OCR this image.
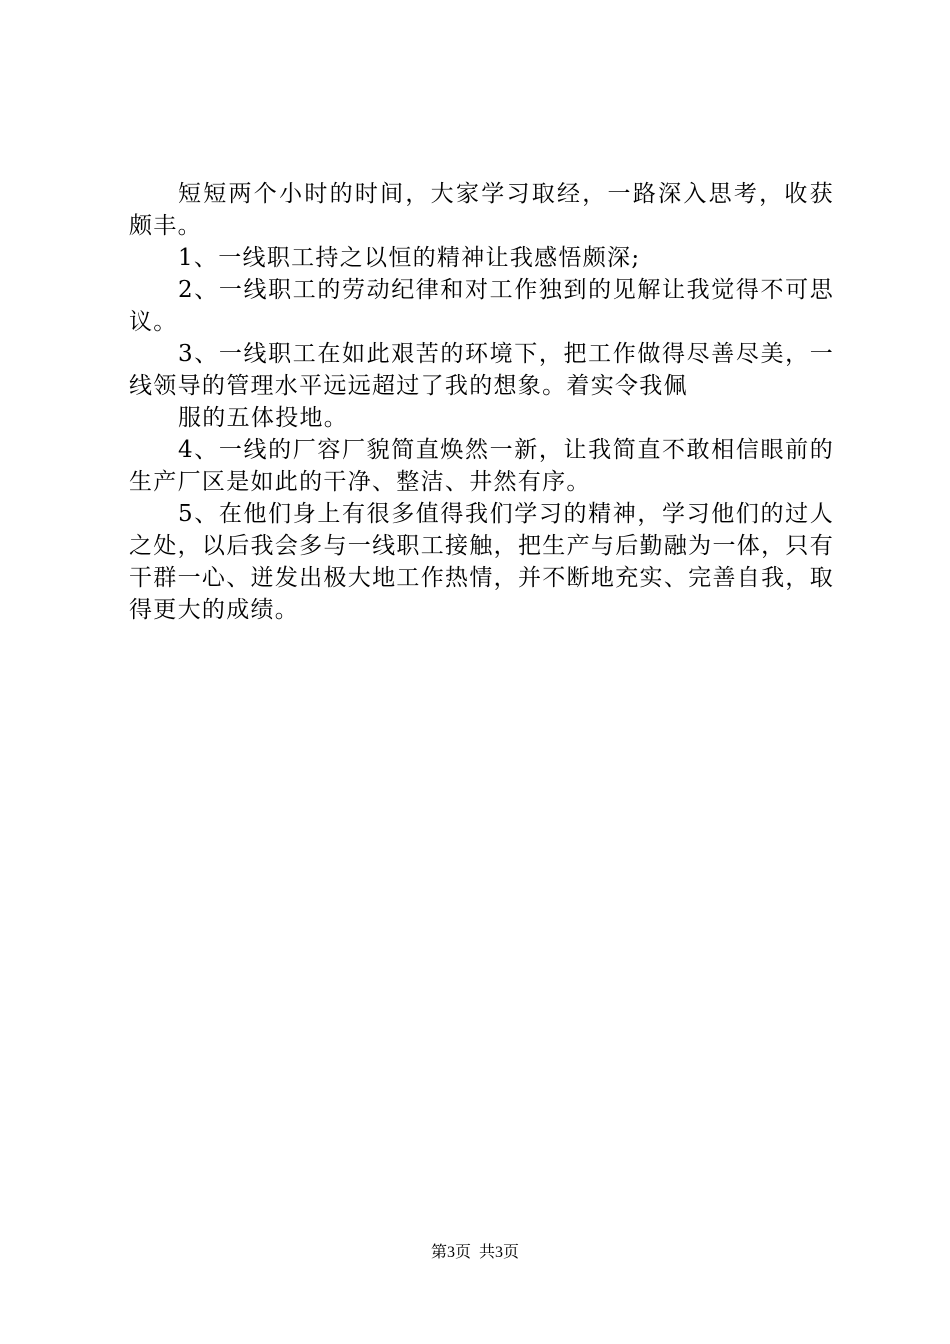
短短两个小时的时间，大家学习取经，一路深入思考，收获颇丰。

1、一线职工持之以恒的精神让我感悟颇深;

2、一线职工的劳动纪律和对工作独到的见解让我觉得不可思议。

3、一线职工在如此艰苦的环境下，把工作做得尽善尽美，一线领导的管理水平远远超过了我的想象。着实令我佩

服的五体投地。

4、一线的厂容厂貌简直焕然一新，让我简直不敢相信眼前的生产厂区是如此的干净、整洁、井然有序。

5、在他们身上有很多值得我们学习的精神，学习他们的过人之处，以后我会多与一线职工接触，把生产与后勤融为一体，只有干群一心、迸发出极大地工作热情，并不断地充实、完善自我，取得更大的成绩。

第3页  共3页
